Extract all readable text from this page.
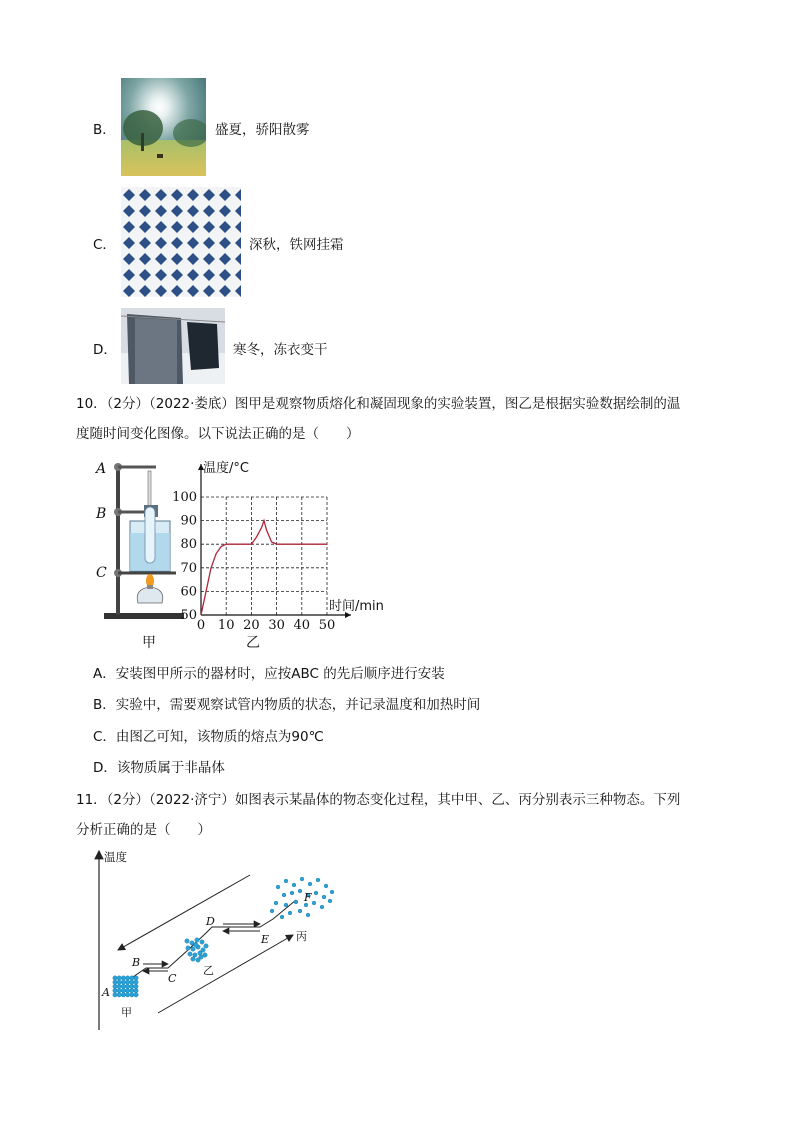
B．	盛夏，骄阳散雾
C．	深秋，铁网挂霜
D．	寒冬，冻衣变干
10．（2分）（2022·娄底）图甲是观察物质熔化和凝固现象的实验装置，图乙是根据实验数据绘制的温
度随时间变化图像。以下说法正确的是（　　）
A
B
C
甲
0 10 20 30 40 50
50
60
70
80
90
100
温度/°C
时间/min
乙
A．安装图甲所示的器材时，应按ABC 的先后顺序进行安装
B．实验中，需要观察试管内物质的状态，并记录温度和加热时间
C．由图乙可知，该物质的熔点为90℃
D．该物质属于非晶体
11．（2分）（2022·济宁）如图表示某晶体的物态变化过程，其中甲、乙、丙分别表示三种物态。下列
分析正确的是（　　）
温度
A
B
C
D
E
F
甲
乙
丙
